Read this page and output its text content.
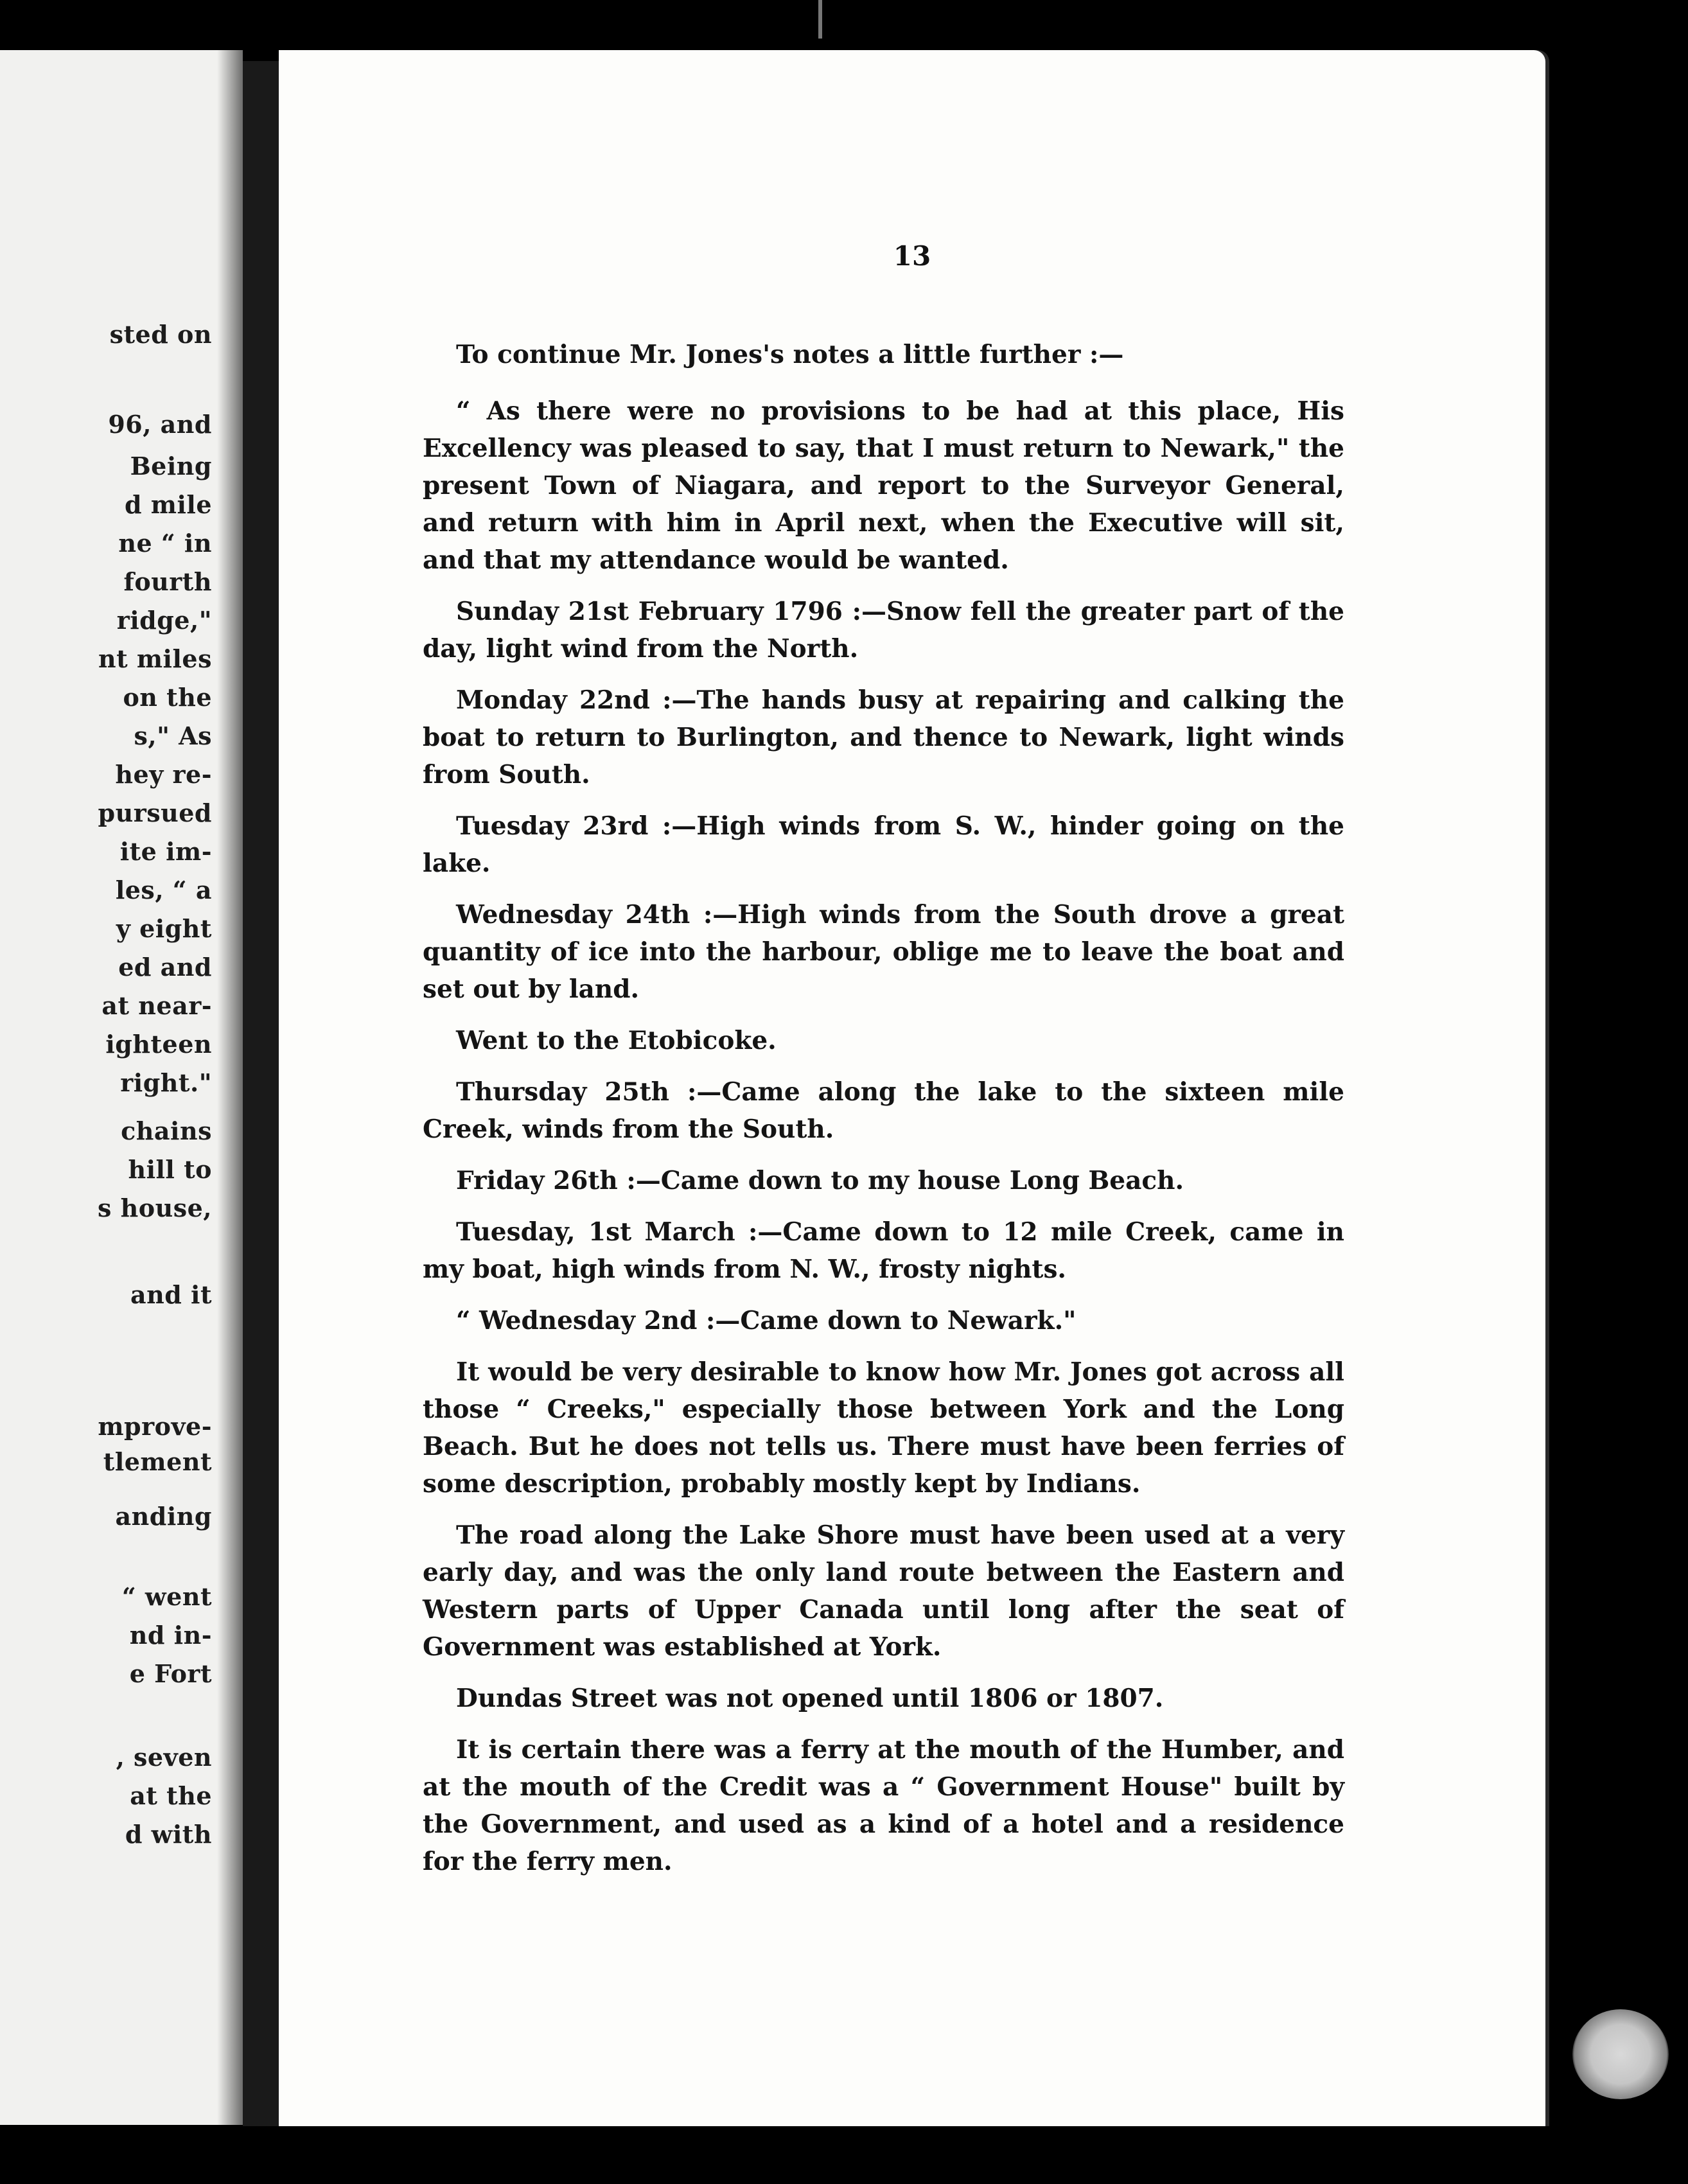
sted on
96, and
Being
d mile
ne “ in
fourth
ridge,"
nt miles
on the
s," As
hey re-
pursued
ite im-
les, “ a
y eight
ed and
at near-
ighteen
right."
chains
hill to
s house,
and it
mprove-
tlement
anding
“ went
nd in-
e Fort
, seven
at the
d with
13

To continue Mr. Jones's notes a little further :—

“ As there were no provisions to be had at this place, His Excellency was pleased to say, that I must return to Newark," the present Town of Niagara, and report to the Surveyor General, and return with him in April next, when the Executive will sit, and that my attendance would be wanted.

Sunday 21st February 1796 :—Snow fell the greater part of the day, light wind from the North.

Monday 22nd :—The hands busy at repairing and calking the boat to return to Burlington, and thence to Newark, light winds from South.

Tuesday 23rd :—High winds from S. W., hinder going on the lake.

Wednesday 24th :—High winds from the South drove a great quantity of ice into the harbour, oblige me to leave the boat and set out by land.

Went to the Etobicoke.

Thursday 25th :—Came along the lake to the sixteen mile Creek, winds from the South.

Friday 26th :—Came down to my house Long Beach.

Tuesday, 1st March :—Came down to 12 mile Creek, came in my boat, high winds from N. W., frosty nights.

“ Wednesday 2nd :—Came down to Newark."

It would be very desirable to know how Mr. Jones got across all those “ Creeks," especially those between York and the Long Beach. But he does not tells us. There must have been ferries of some description, probably mostly kept by Indians.

The road along the Lake Shore must have been used at a very early day, and was the only land route between the Eastern and Western parts of Upper Canada until long after the seat of Government was established at York.

Dundas Street was not opened until 1806 or 1807.

It is certain there was a ferry at the mouth of the Humber, and at the mouth of the Credit was a “ Government House" built by the Government, and used as a kind of a hotel and a residence for the ferry men.
